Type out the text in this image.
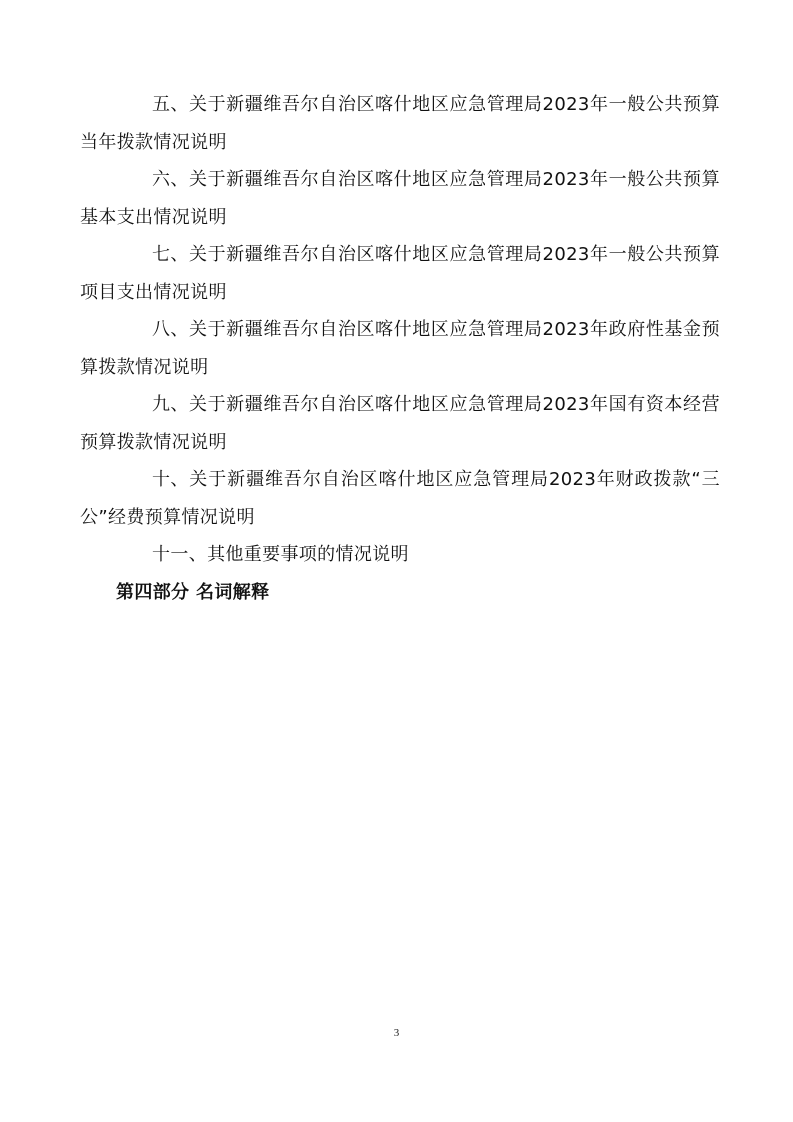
五、关于新疆维吾尔自治区喀什地区应急管理局2023年一般公共预算当年拨款情况说明

六、关于新疆维吾尔自治区喀什地区应急管理局2023年一般公共预算基本支出情况说明

七、关于新疆维吾尔自治区喀什地区应急管理局2023年一般公共预算项目支出情况说明

八、关于新疆维吾尔自治区喀什地区应急管理局2023年政府性基金预算拨款情况说明

九、关于新疆维吾尔自治区喀什地区应急管理局2023年国有资本经营预算拨款情况说明

十、关于新疆维吾尔自治区喀什地区应急管理局2023年财政拨款“三公”经费预算情况说明

十一、其他重要事项的情况说明

第四部分 名词解释

3
